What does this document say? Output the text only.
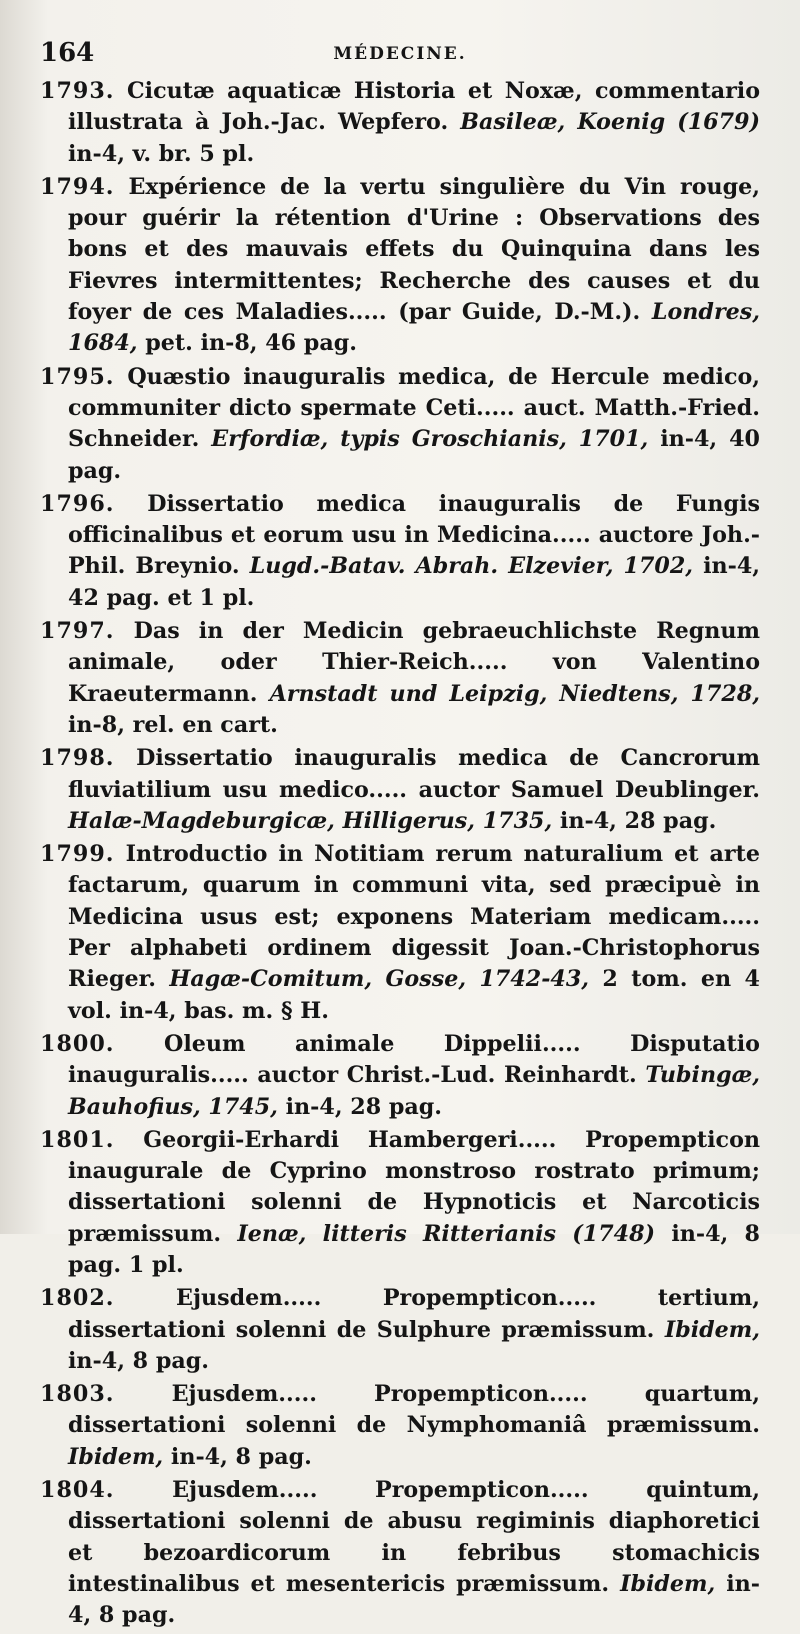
164	MÉDECINE.

1793. Cicutæ aquaticæ Historia et Noxæ, commentario illustrata à Joh.-Jac. Wepfero. Basileæ, Koenig (1679) in-4, v. br. 5 pl.

1794. Expérience de la vertu singulière du Vin rouge, pour guérir la rétention d'Urine : Observations des bons et des mauvais effets du Quinquina dans les Fievres intermittentes; Recherche des causes et du foyer de ces Maladies..... (par Guide, D.-M.). Londres, 1684, pet. in-8, 46 pag.

1795. Quæstio inauguralis medica, de Hercule medico, communiter dicto spermate Ceti..... auct. Matth.-Fried. Schneider. Erfordiæ, typis Groschianis, 1701, in-4, 40 pag.

1796. Dissertatio medica inauguralis de Fungis officinalibus et eorum usu in Medicina..... auctore Joh.-Phil. Breynio. Lugd.-Batav. Abrah. Elzevier, 1702, in-4, 42 pag. et 1 pl.

1797. Das in der Medicin gebraeuchlichste Regnum animale, oder Thier-Reich..... von Valentino Kraeutermann. Arnstadt und Leipzig, Niedtens, 1728, in-8, rel. en cart.

1798. Dissertatio inauguralis medica de Cancrorum fluviatilium usu medico..... auctor Samuel Deublinger. Halæ-Magdeburgicæ, Hilligerus, 1735, in-4, 28 pag.

1799. Introductio in Notitiam rerum naturalium et arte factarum, quarum in communi vita, sed præcipuè in Medicina usus est; exponens Materiam medicam..... Per alphabeti ordinem digessit Joan.-Christophorus Rieger. Hagæ-Comitum, Gosse, 1742-43, 2 tom. en 4 vol. in-4, bas. m. § H.

1800. Oleum animale Dippelii..... Disputatio inauguralis..... auctor Christ.-Lud. Reinhardt. Tubingæ, Bauhofius, 1745, in-4, 28 pag.

1801. Georgii-Erhardi Hambergeri..... Propempticon inaugurale de Cyprino monstroso rostrato primum; dissertationi solenni de Hypnoticis et Narcoticis præmissum. Ienæ, litteris Ritterianis (1748) in-4, 8 pag. 1 pl.

1802.	Ejusdem..... Propempticon..... tertium, dissertationi solenni de Sulphure præmissum. Ibidem, in-4, 8 pag.

1803.	Ejusdem..... Propempticon..... quartum, dissertationi solenni de Nymphomaniâ præmissum. Ibidem, in-4, 8 pag.

1804.	Ejusdem..... Propempticon..... quintum, dissertationi solenni de abusu regiminis diaphoretici et bezoardicorum in febribus stomachicis intestinalibus et mesentericis præmissum. Ibidem, in-4, 8 pag.
